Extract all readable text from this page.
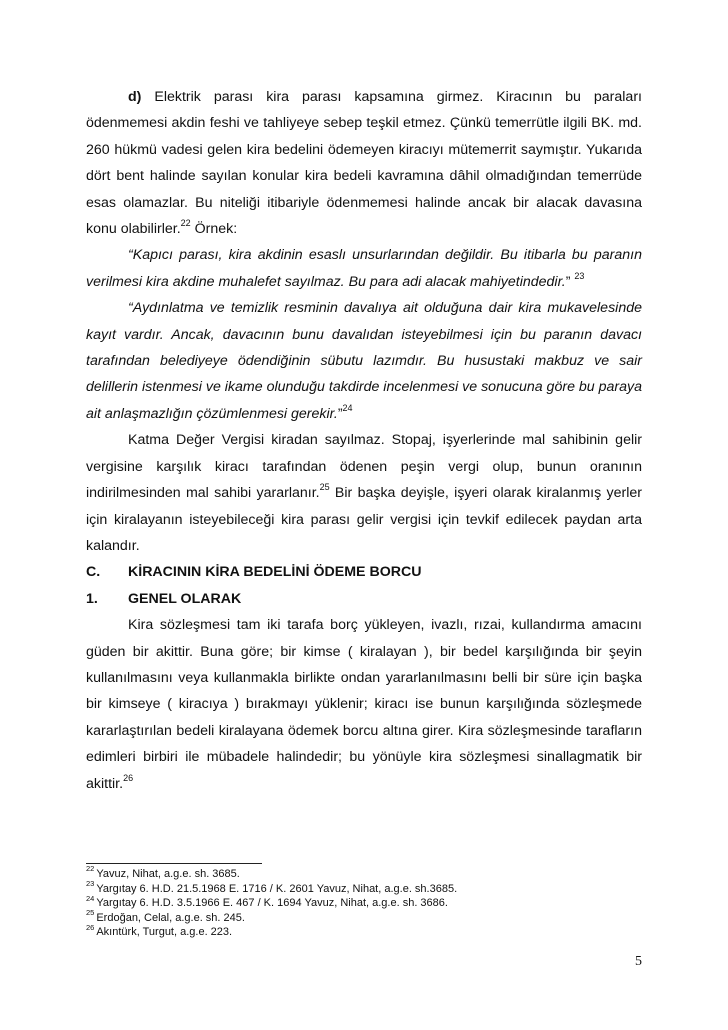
d) Elektrik parası kira parası kapsamına girmez. Kiracının bu paraları ödenmemesi akdin feshi ve tahliyeye sebep teşkil etmez. Çünkü temerrütle ilgili BK. md. 260 hükmü vadesi gelen kira bedelini ödemeyen kiracıyı mütemerrit saymıştır. Yukarıda dört bent halinde sayılan konular kira bedeli kavramına dâhil olmadığından temerrüde esas olamazlar. Bu niteliği itibariyle ödenmemesi halinde ancak bir alacak davasına konu olabilirler.$^{22}$ Örnek:

“Kapıcı parası, kira akdinin esaslı unsurlarından değildir. Bu itibarla bu paranın verilmesi kira akdine muhalefet sayılmaz. Bu para adi alacak mahiyetindedir.” $^{23}$

“Aydınlatma ve temizlik resminin davalıya ait olduğuna dair kira mukavelesinde kayıt vardır. Ancak, davacının bunu davalıdan isteyebilmesi için bu paranın davacı tarafından belediyeye ödendiğinin sübutu lazımdır. Bu husustaki makbuz ve sair delillerin istenmesi ve ikame olunduğu takdirde incelenmesi ve sonucuna göre bu paraya ait anlaşmazlığın çözümlenmesi gerekir.”$^{24}$

Katma Değer Vergisi kiradan sayılmaz. Stopaj, işyerlerinde mal sahibinin gelir vergisine karşılık kiracı tarafından ödenen peşin vergi olup, bunun oranının indirilmesinden mal sahibi yararlanır.$^{25}$ Bir başka deyişle, işyeri olarak kiralanmış yerler için kiralayanın isteyebileceği kira parası gelir vergisi için tevkif edilecek paydan arta kalandır.

C. KİRACININ KİRA BEDELİNİ ÖDEME BORCU

1. GENEL OLARAK

Kira sözleşmesi tam iki tarafa borç yükleyen, ivazlı, rızai, kullandırma amacını güden bir akittir. Buna göre; bir kimse ( kiralayan ), bir bedel karşılığında bir şeyin kullanılmasını veya kullanmakla birlikte ondan yararlanılmasını belli bir süre için başka bir kimseye ( kiracıya ) bırakmayı yüklenir; kiracı ise bunun karşılığında sözleşmede kararlaştırılan bedeli kiralayana ödemek borcu altına girer. Kira sözleşmesinde tarafların edimleri birbiri ile mübadele halindedir; bu yönüyle kira sözleşmesi sinallagmatik bir akittir.$^{26}$

$^{22}$ Yavuz, Nihat, a.g.e. sh. 3685.
$^{23}$ Yargıtay 6. H.D. 21.5.1968 E. 1716 / K. 2601 Yavuz, Nihat, a.g.e. sh.3685.
$^{24}$ Yargıtay 6. H.D. 3.5.1966 E. 467 / K. 1694 Yavuz, Nihat, a.g.e. sh. 3686.
$^{25}$ Erdoğan, Celal, a.g.e. sh. 245.
$^{26}$ Akıntürk, Turgut, a.g.e. 223.
5
